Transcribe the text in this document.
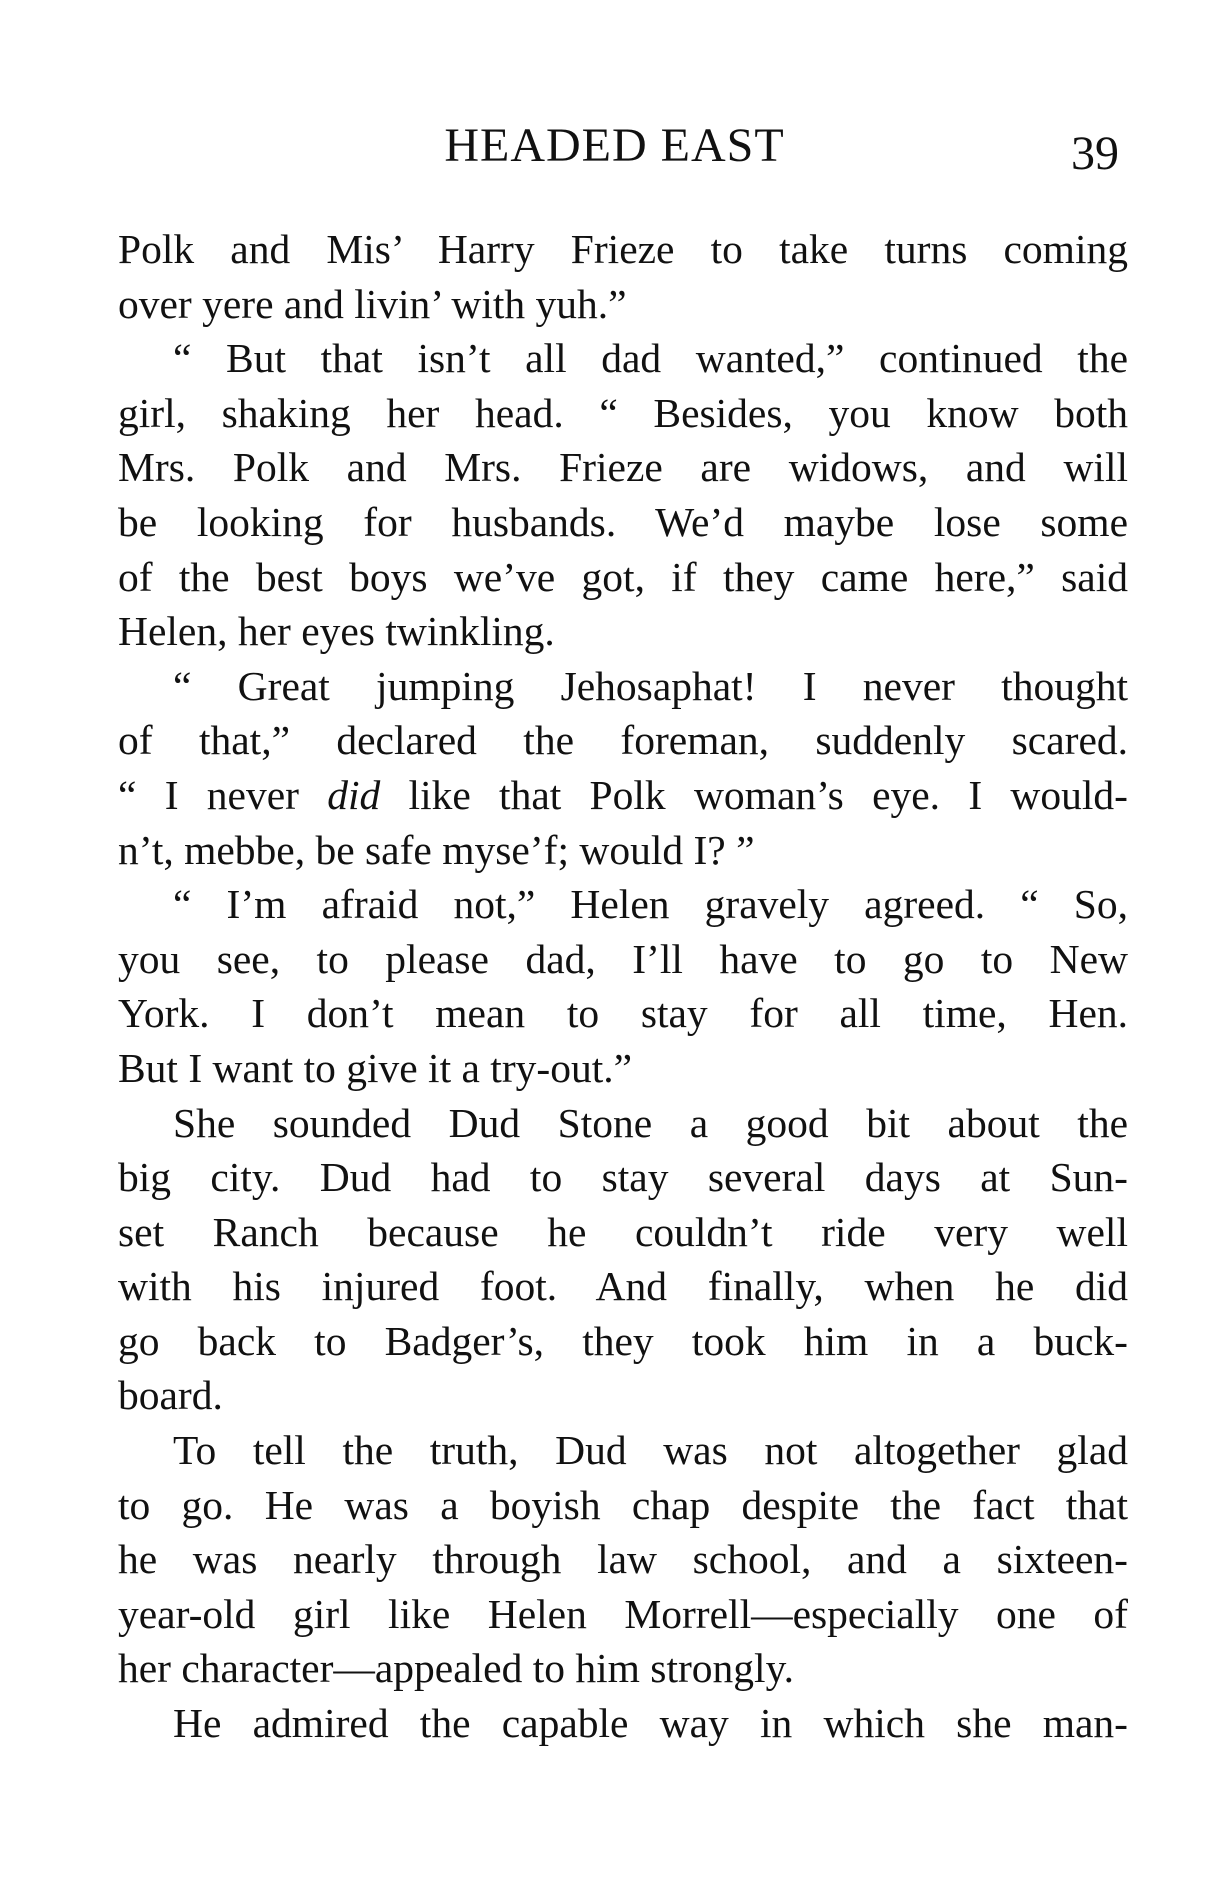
HEADED EAST	39
Polk and Mis’ Harry Frieze to take turns coming
over yere and livin’ with yuh.”
“ But that isn’t all dad wanted,” continued the
girl, shaking her head. “ Besides, you know both
Mrs. Polk and Mrs. Frieze are widows, and will
be looking for husbands. We’d maybe lose some
of the best boys we’ve got, if they came here,” said
Helen, her eyes twinkling.
“ Great jumping Jehosaphat! I never thought
of that,” declared the foreman, suddenly scared.
“ I never did like that Polk woman’s eye. I would-
n’t, mebbe, be safe myse’f; would I? ”
“ I’m afraid not,” Helen gravely agreed. “ So,
you see, to please dad, I’ll have to go to New
York. I don’t mean to stay for all time, Hen.
But I want to give it a try-out.”
She sounded Dud Stone a good bit about the
big city. Dud had to stay several days at Sun-
set Ranch because he couldn’t ride very well
with his injured foot. And finally, when he did
go back to Badger’s, they took him in a buck-
board.
To tell the truth, Dud was not altogether glad
to go. He was a boyish chap despite the fact that
he was nearly through law school, and a sixteen-
year-old girl like Helen Morrell—especially one of
her character—appealed to him strongly.
He admired the capable way in which she man-
